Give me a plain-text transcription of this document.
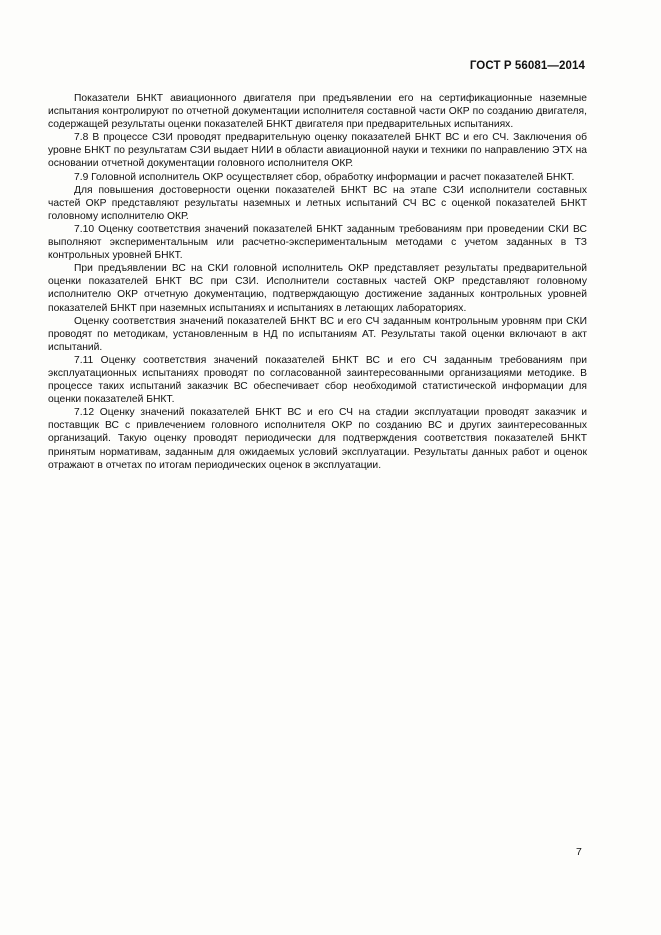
ГОСТ Р 56081—2014

Показатели БНКТ авиационного двигателя при предъявлении его на сертификационные наземные испытания контролируют по отчетной документации исполнителя составной части ОКР по созданию двигателя, содержащей результаты оценки показателей БНКТ двигателя при предварительных испытаниях.

7.8 В процессе СЗИ проводят предварительную оценку показателей БНКТ ВС и его СЧ. Заключения об уровне БНКТ по результатам СЗИ выдает НИИ в области авиационной науки и техники по направлению ЭТХ на основании отчетной документации головного исполнителя ОКР.

7.9 Головной исполнитель ОКР осуществляет сбор, обработку информации и расчет показателей БНКТ.

Для повышения достоверности оценки показателей БНКТ ВС на этапе СЗИ исполнители составных частей ОКР представляют результаты наземных и летных испытаний СЧ ВС с оценкой показателей БНКТ головному исполнителю ОКР.

7.10 Оценку соответствия значений показателей БНКТ заданным требованиям при проведении СКИ ВС выполняют экспериментальным или расчетно-экспериментальным методами с учетом заданных в ТЗ контрольных уровней БНКТ.

При предъявлении ВС на СКИ головной исполнитель ОКР представляет результаты предварительной оценки показателей БНКТ ВС при СЗИ. Исполнители составных частей ОКР представляют головному исполнителю ОКР отчетную документацию, подтверждающую достижение заданных контрольных уровней показателей БНКТ при наземных испытаниях и испытаниях в летающих лабораториях.

Оценку соответствия значений показателей БНКТ ВС и его СЧ заданным контрольным уровням при СКИ проводят по методикам, установленным в НД по испытаниям АТ. Результаты такой оценки включают в акт испытаний.

7.11 Оценку соответствия значений показателей БНКТ ВС и его СЧ заданным требованиям при эксплуатационных испытаниях проводят по согласованной заинтересованными организациями методике. В процессе таких испытаний заказчик ВС обеспечивает сбор необходимой статистической информации для оценки показателей БНКТ.

7.12 Оценку значений показателей БНКТ ВС и его СЧ на стадии эксплуатации проводят заказчик и поставщик ВС с привлечением головного исполнителя ОКР по созданию ВС и других заинтересованных организаций. Такую оценку проводят периодически для подтверждения соответствия показателей БНКТ принятым нормативам, заданным для ожидаемых условий эксплуатации. Результаты данных работ и оценок отражают в отчетах по итогам периодических оценок в эксплуатации.

7
